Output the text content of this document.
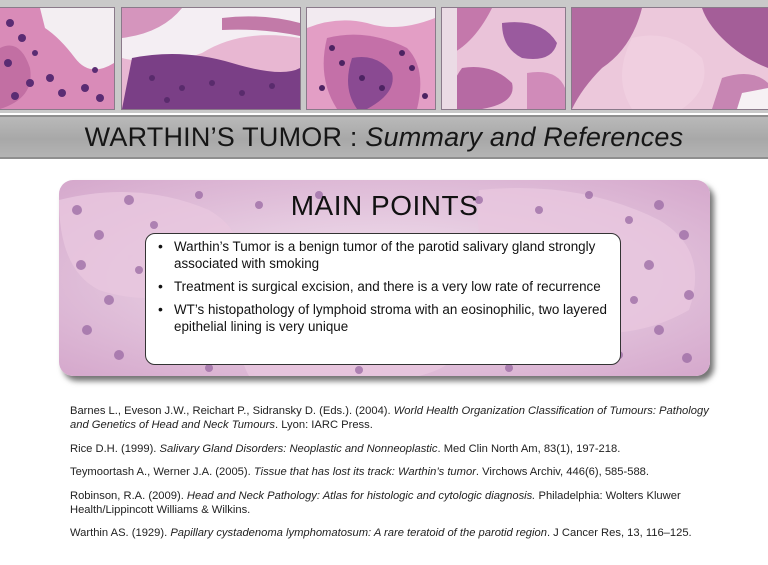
WARTHIN’S TUMOR : Summary and References
MAIN POINTS
• Warthin’s Tumor is a benign tumor of the parotid salivary gland strongly associated with smoking
• Treatment is surgical excision, and there is a very low rate of recurrence
• WT’s histopathology of lymphoid stroma with an eosinophilic, two layered epithelial lining is very unique
Barnes L., Eveson J.W., Reichart P., Sidransky D. (Eds.). (2004). World Health Organization Classification of Tumours: Pathology and Genetics of Head and Neck Tumours. Lyon: IARC Press.
Rice D.H. (1999). Salivary Gland Disorders: Neoplastic and Nonneoplastic. Med Clin North Am, 83(1), 197-218.
Teymoortash A., Werner J.A. (2005). Tissue that has lost its track: Warthin’s tumor. Virchows Archiv, 446(6), 585-588.
Robinson, R.A. (2009). Head and Neck Pathology: Atlas for histologic and cytologic diagnosis. Philadelphia: Wolters Kluwer Health/Lippincott Williams & Wilkins.
Warthin AS. (1929). Papillary cystadenoma lymphomatosum: A rare teratoid of the parotid region. J Cancer Res, 13, 116–125.
